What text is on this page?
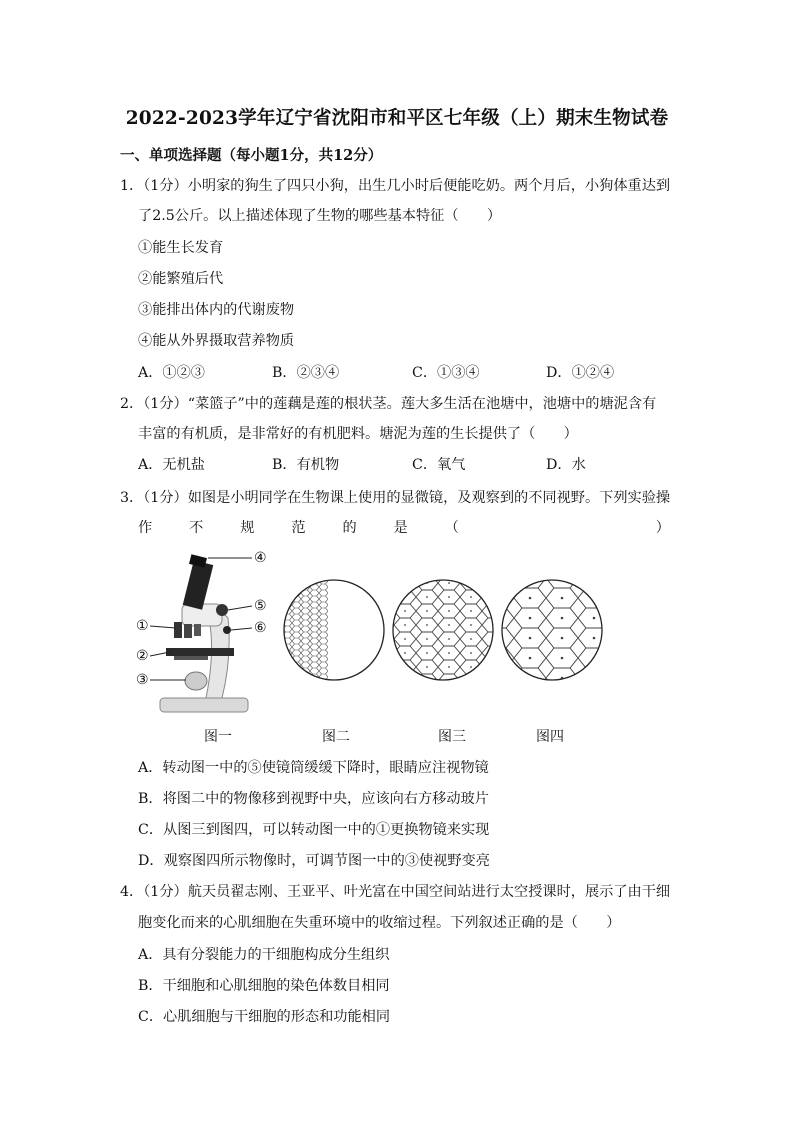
2022-2023学年辽宁省沈阳市和平区七年级（上）期末生物试卷
一、单项选择题（每小题1分，共12分）
1．（1分）小明家的狗生了四只小狗，出生几小时后便能吃奶。两个月后，小狗体重达到
了2.5公斤。以上描述体现了生物的哪些基本特征（　　）
①能生长发育
②能繁殖后代
③能排出体内的代谢废物
④能从外界摄取营养物质
A．①②③	B．②③④	C．①③④	D．①②④
2．（1分）“菜篮子”中的莲藕是莲的根状茎。莲大多生活在池塘中，池塘中的塘泥含有
丰富的有机质，是非常好的有机肥料。塘泥为莲的生长提供了（　　）
A．无机盐	B．有机物	C．氧气	D．水
3．（1分）如图是小明同学在生物课上使用的显微镜，及观察到的不同视野。下列实验操
作	不	规	范	的	是	（	）
④
⑤
①	⑥
②
③
图一	图二	图三	图四
A．转动图一中的⑤使镜筒缓缓下降时，眼睛应注视物镜
B．将图二中的物像移到视野中央，应该向右方移动玻片
C．从图三到图四，可以转动图一中的①更换物镜来实现
D．观察图四所示物像时，可调节图一中的③使视野变亮
4．（1分）航天员翟志刚、王亚平、叶光富在中国空间站进行太空授课时，展示了由干细
胞变化而来的心肌细胞在失重环境中的收缩过程。下列叙述正确的是（　　）
A．具有分裂能力的干细胞构成分生组织
B．干细胞和心肌细胞的染色体数目相同
C．心肌细胞与干细胞的形态和功能相同
